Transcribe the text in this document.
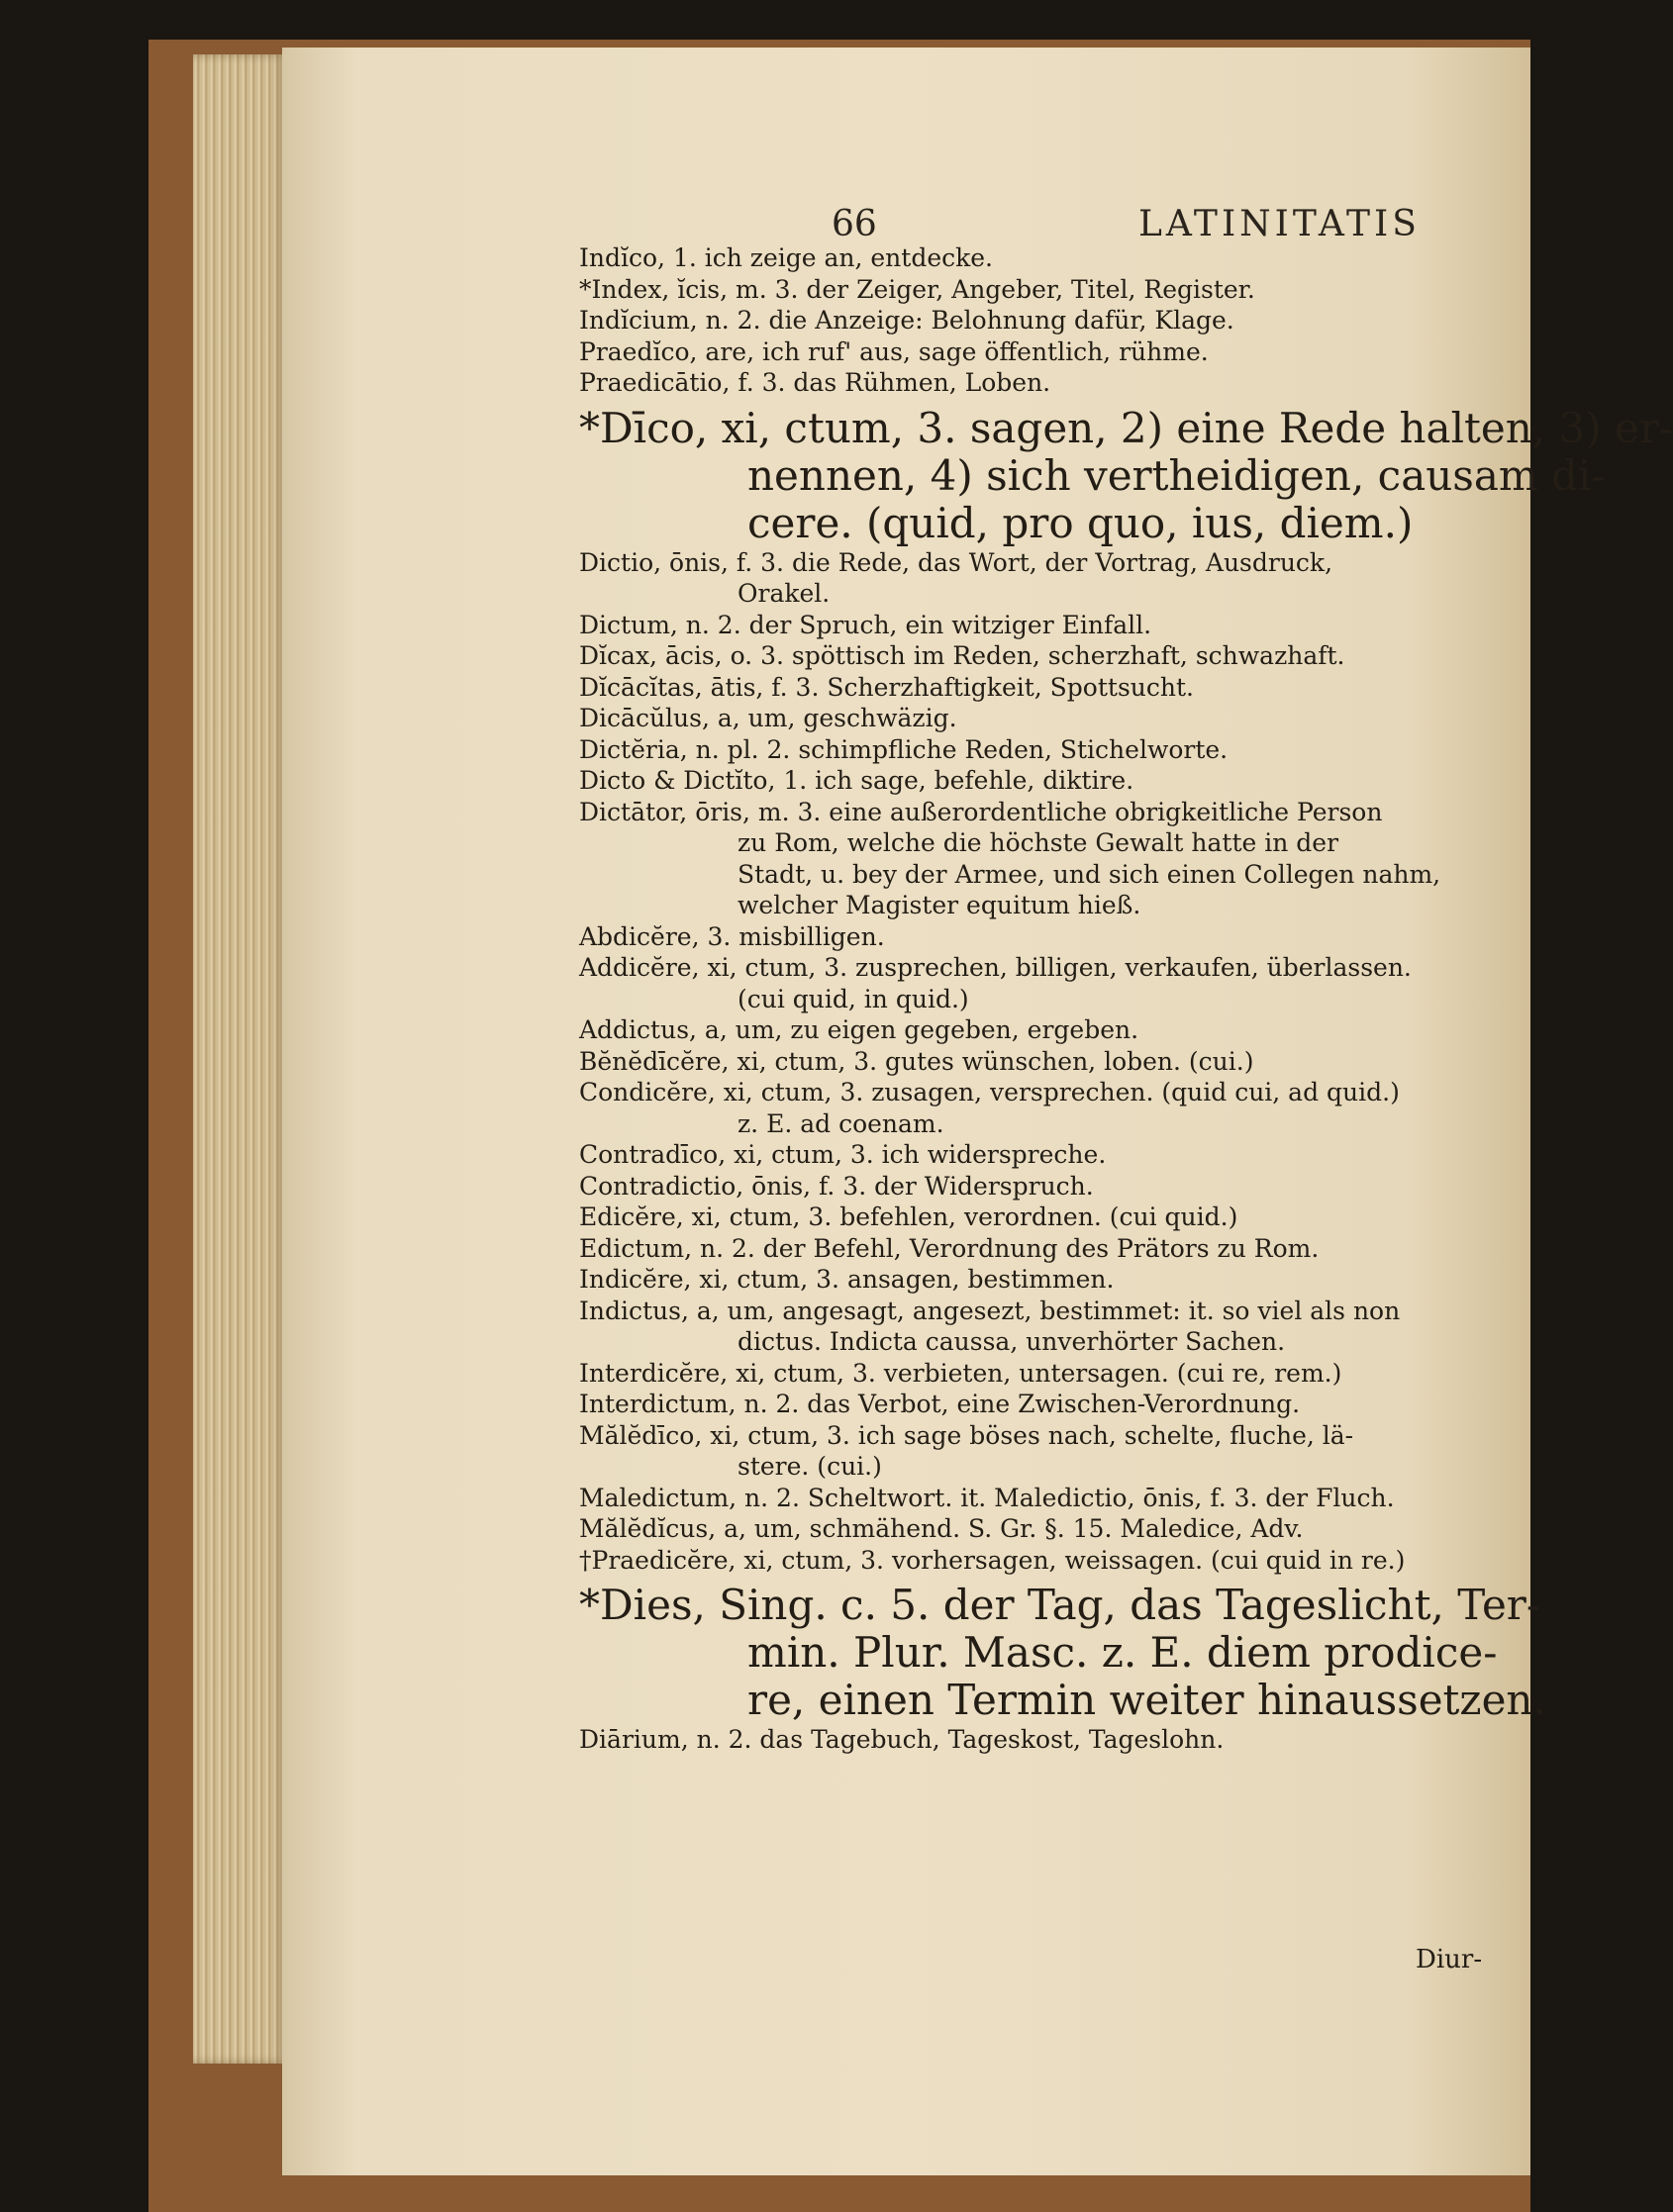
66	LATINITATIS
Indĭco, 1. ich zeige an, entdecke.
*Index, ĭcis, m. 3. der Zeiger, Angeber, Titel, Register.
Indĭcium, n. 2. die Anzeige: Belohnung dafür, Klage.
Praedĭco, are, ich ruf' aus, sage öffentlich, rühme.
Praedicātio, f. 3. das Rühmen, Loben.
*Dīco, xi, ctum, 3. sagen, 2) eine Rede halten, 3) er-
nennen, 4) sich vertheidigen, causam di-
cere. (quid, pro quo, ius, diem.)
Dictio, ōnis, f. 3. die Rede, das Wort, der Vortrag, Ausdruck,
Orakel.
Dictum, n. 2. der Spruch, ein witziger Einfall.
Dĭcax, ācis, o. 3. spöttisch im Reden, scherzhaft, schwazhaft.
Dĭcācĭtas, ātis, f. 3. Scherzhaftigkeit, Spottsucht.
Dicācŭlus, a, um, geschwäzig.
Dictĕria, n. pl. 2. schimpfliche Reden, Stichelworte.
Dicto & Dictĭto, 1. ich sage, befehle, diktire.
Dictātor, ōris, m. 3. eine außerordentliche obrigkeitliche Person
zu Rom, welche die höchste Gewalt hatte in der
Stadt, u. bey der Armee, und sich einen Collegen nahm,
welcher Magister equitum hieß.
Abdicĕre, 3. misbilligen.
Addicĕre, xi, ctum, 3. zusprechen, billigen, verkaufen, überlassen.
(cui quid, in quid.)
Addictus, a, um, zu eigen gegeben, ergeben.
Bĕnĕdīcĕre, xi, ctum, 3. gutes wünschen, loben. (cui.)
Condicĕre, xi, ctum, 3. zusagen, versprechen. (quid cui, ad quid.)
z. E. ad coenam.
Contradīco, xi, ctum, 3. ich widerspreche.
Contradictio, ōnis, f. 3. der Widerspruch.
Edicĕre, xi, ctum, 3. befehlen, verordnen. (cui quid.)
Edictum, n. 2. der Befehl, Verordnung des Prätors zu Rom.
Indicĕre, xi, ctum, 3. ansagen, bestimmen.
Indictus, a, um, angesagt, angesezt, bestimmet: it. so viel als non
dictus. Indicta caussa, unverhörter Sachen.
Interdicĕre, xi, ctum, 3. verbieten, untersagen. (cui re, rem.)
Interdictum, n. 2. das Verbot, eine Zwischen-Verordnung.
Mălĕdīco, xi, ctum, 3. ich sage böses nach, schelte, fluche, lä-
stere. (cui.)
Maledictum, n. 2. Scheltwort. it. Maledictio, ōnis, f. 3. der Fluch.
Mălĕdĭcus, a, um, schmähend. S. Gr. §. 15. Maledice, Adv.
†Praedicĕre, xi, ctum, 3. vorhersagen, weissagen. (cui quid in re.)
*Dies, Sing. c. 5. der Tag, das Tageslicht, Ter-
min. Plur. Masc. z. E. diem prodice-
re, einen Termin weiter hinaussetzen.
Diārium, n. 2. das Tagebuch, Tageskost, Tageslohn.
Diur-
